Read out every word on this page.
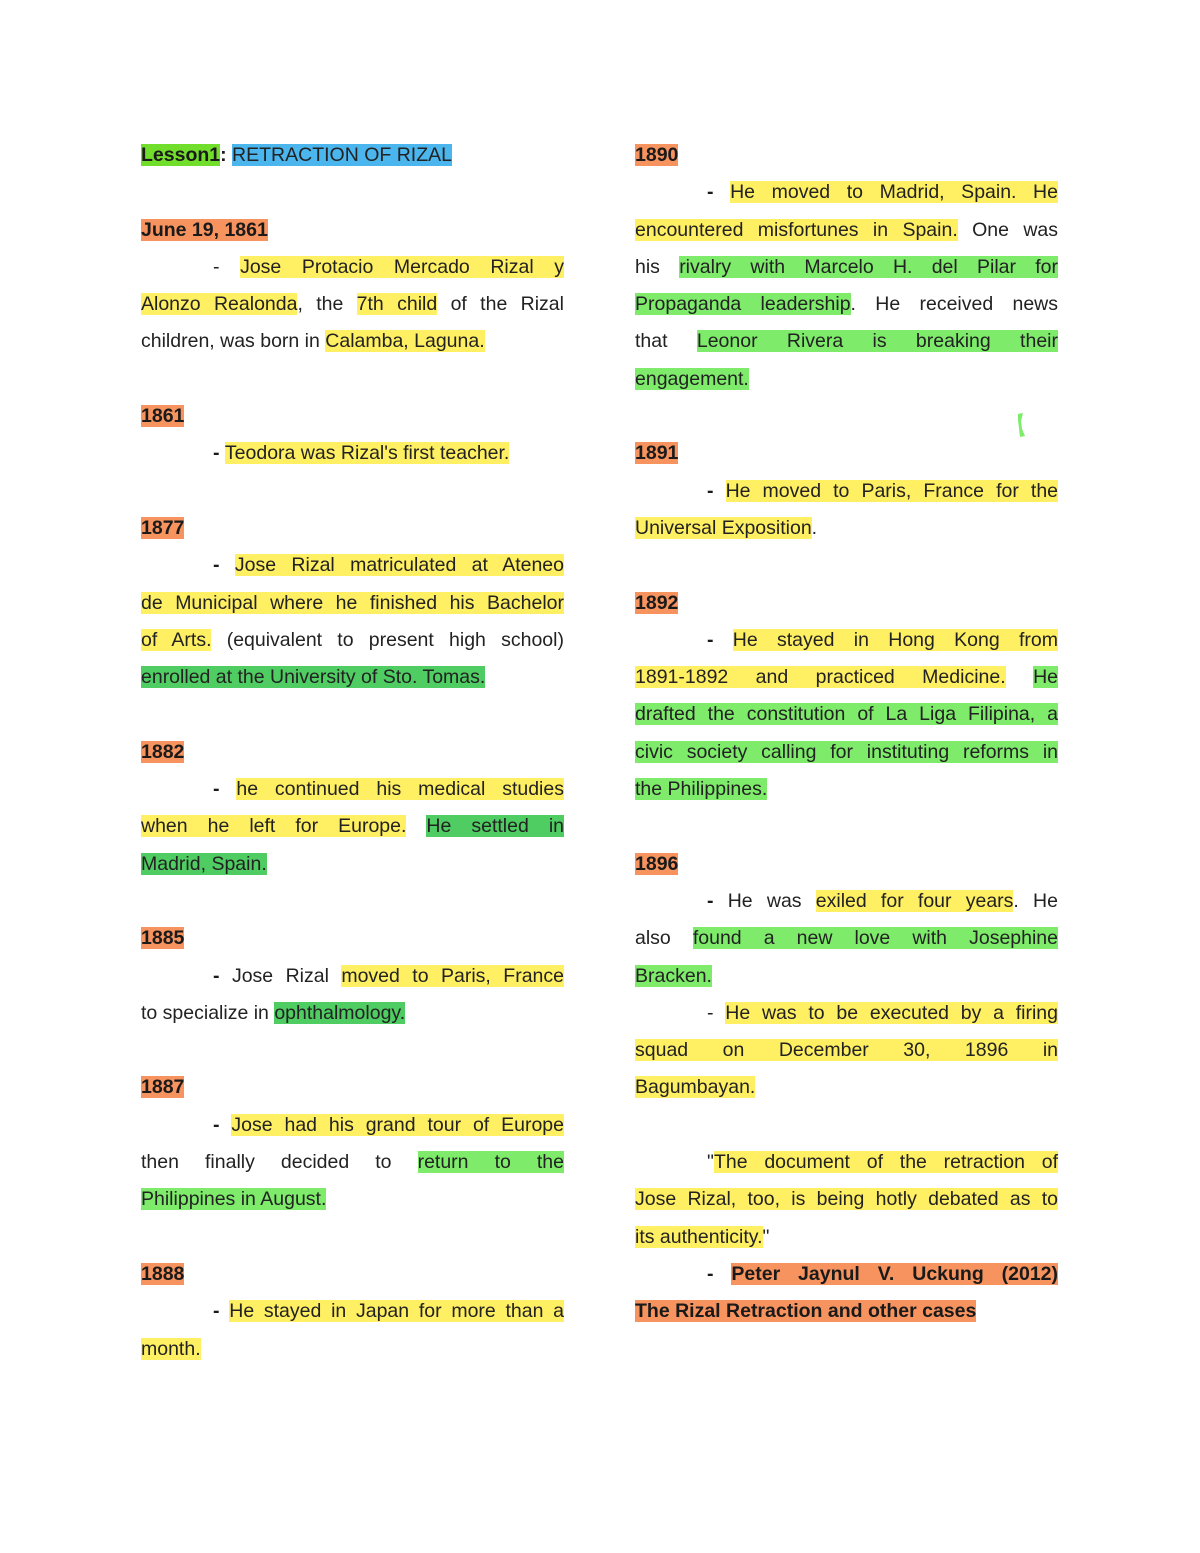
Lesson1: RETRACTION OF RIZAL
June 19, 1861
- Jose Protacio Mercado Rizal y
Alonzo Realonda, the 7th child of the Rizal
children, was born in Calamba, Laguna.
1861
- Teodora was Rizal's first teacher.
1877
- Jose Rizal matriculated at Ateneo
de Municipal where he finished his Bachelor
of Arts. (equivalent to present high school)
enrolled at the University of Sto. Tomas.
1882
- he continued his medical studies
when he left for Europe. He settled in
Madrid, Spain.
1885
- Jose Rizal moved to Paris, France
to specialize in ophthalmology.
1887
- Jose had his grand tour of Europe
then finally decided to return to the
Philippines in August.
1888
- He stayed in Japan for more than a
month.
1890
- He moved to Madrid, Spain. He
encountered misfortunes in Spain. One was
his rivalry with Marcelo H. del Pilar for
Propaganda leadership. He received news
that Leonor Rivera is breaking their
engagement.
1891
- He moved to Paris, France for the
Universal Exposition.
1892
- He stayed in Hong Kong from
1891-1892 and practiced Medicine. He
drafted the constitution of La Liga Filipina, a
civic society calling for instituting reforms in
the Philippines.
1896
- He was exiled for four years. He
also found a new love with Josephine
Bracken.
- He was to be executed by a firing
squad on December 30, 1896 in
Bagumbayan.
"The document of the retraction of
Jose Rizal, too, is being hotly debated as to
its authenticity."
- Peter Jaynul V. Uckung (2012)
The Rizal Retraction and other cases
